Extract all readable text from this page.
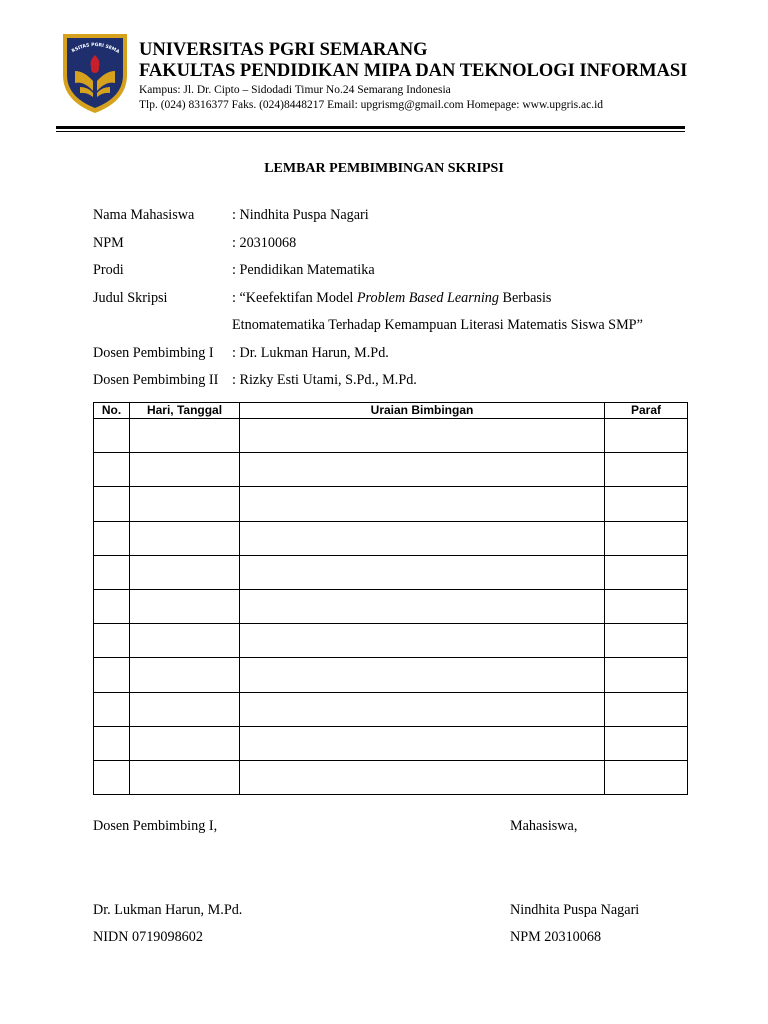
RSITAS PGRI SEMA UNIVERSITAS PGRI SEMARANG
FAKULTAS PENDIDIKAN MIPA DAN TEKNOLOGI INFORMASI
Kampus: Jl. Dr. Cipto – Sidodadi Timur No.24 Semarang Indonesia
Tlp. (024) 8316377 Faks. (024)8448217 Email: upgrismg@gmail.com Homepage: www.upgris.ac.id
LEMBAR PEMBIMBINGAN SKRIPSI
Nama Mahasiswa	: Nindhita Puspa Nagari
NPM	: 20310068
Prodi	: Pendidikan Matematika
Judul Skripsi	: “Keefektifan Model Problem Based Learning Berbasis
Etnomatematika Terhadap Kemampuan Literasi Matematis Siswa SMP”
Dosen Pembimbing I : Dr. Lukman Harun, M.Pd.
Dosen Pembimbing II : Rizky Esti Utami, S.Pd., M.Pd.
No.	Hari, Tanggal	Uraian Bimbingan	Paraf

Dosen Pembimbing I,	Mahasiswa,
Dr. Lukman Harun, M.Pd.	Nindhita Puspa Nagari
NIDN 0719098602	NPM 20310068
